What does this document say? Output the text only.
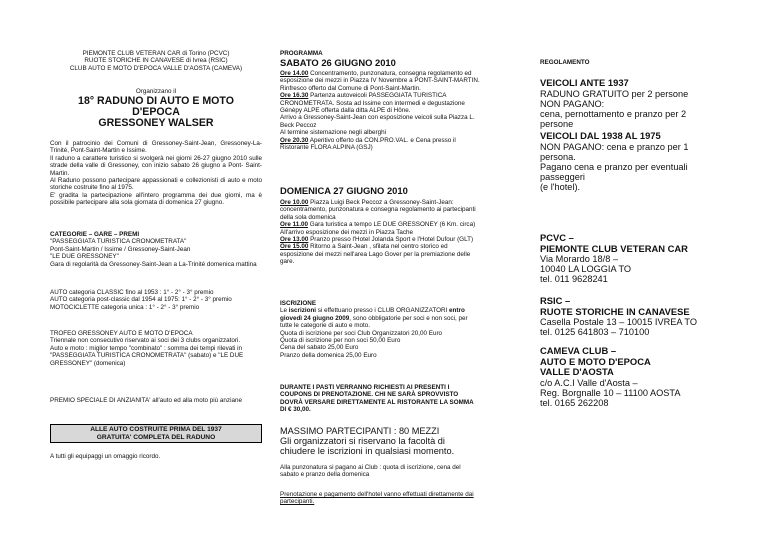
PIEMONTE CLUB VETERAN CAR di Torino (PCVC)

RUOTE STORICHE IN CANAVESE di Ivrea (RSIC)

CLUB AUTO E MOTO D'EPOCA VALLE D'AOSTA (CAMEVA)

Organizzano il

18° RADUNO DI AUTO E MOTO

D'EPOCA

GRESSONEY WALSER

Con il patrocinio dei Comuni di Gressoney-Saint-Jean, Gressoney-La-Trinité, Pont-Saint-Martin e Issime.

Il raduno a carattere turistico si svolgerà nei giorni 26-27 giugno 2010 sulle strade della valle di Gressoney, con inizio sabato 26 giugno a Pont- Saint-Martin.

Al Raduno possono partecipare appassionati e collezionisti di auto e moto storiche costruite fino al 1975.

E' gradita la partecipazione all'intero programma dei due giorni, ma è possibile partecipare alla sola giornata di domenica 27 giugno.

CATEGORIE – GARE – PREMI

"PASSEGGIATA TURISTICA CRONOMETRATA"

Pont-Saint-Martin / Issime / Gressoney-Saint-Jean

"LE DUE GRESSONEY"

Gara di regolarità da Gressoney-Saint-Jean a La-Trinité domenica mattina

AUTO categoria CLASSIC fino al 1953 : 1° - 2° - 3° premio

AUTO categoria post-classic dal 1954 al 1975: 1° - 2° - 3° premio

MOTOCICLETTE categoria unica : 1° - 2° - 3° premio

TROFEO GRESSONEY AUTO E MOTO D'EPOCA

Triennale non consecutivo riservato ai soci dei 3 clubs organizzatori.

Auto e moto : miglior tempo "combinato" : somma dei tempi rilevati in

"PASSEGGIATA TURISTICA CRONOMETRATA" (sabato) e "LE DUE GRESSONEY" (domenica)

PREMIO SPECIALE DI ANZIANITA' all'auto ed alla moto più anziane

ALLE AUTO COSTRUITE PRIMA DEL 1937
GRATUITA' COMPLETA DEL RADUNO

A tutti gli equipaggi un omaggio ricordo.

PROGRAMMA

SABATO 26 GIUGNO 2010

Ore 14.00 Concentramento, punzonatura, consegna regolamento ed esposizione dei mezzi in Piazza IV Novembre a PONT-SAINT-MARTIN. Rinfresco offerto dal Comune di Pont-Saint-Martin.

Ore 16.30 Partenza autoveicoli PASSEGGIATA TURISTICA CRONOMETRATA. Sosta ad Issime con intermedi e degustazione Génèpy ALPE offerta dalla ditta ALPE di Hône.

Arrivo a Gressoney-Saint-Jean con esposizione veicoli sulla Piazza L. Beck Peccoz

Al termine sistemazione negli alberghi

Ore 20.30 Aperitivo offerto da CON.PRO.VAL. e Cena presso il Ristorante FLORA ALPINA (GSJ)

DOMENICA 27 GIUGNO 2010

Ore 10.00 Piazza Luigi Beck Peccoz a Gressoney-Saint-Jean: concentramento, punzonatura e consegna regolamento ai partecipanti della sola domenica

Ore 11.00 Gara turistica a tempo LE DUE GRESSONEY (6 Km. circa)

All'arrivo esposizione dei mezzi in Piazza Tache

Ore 13.00 Pranzo presso l'Hotel Jolanda Sport e l'Hotel Dufour (GLT)

Ore 15.00 Ritorno a Saint-Jean , sfilata nel centro storico ed esposizione dei mezzi nell'area Lago Gover per la premiazione delle gare.

ISCRIZIONE

Le iscrizioni si effettuano presso i CLUB ORGANIZZATORI entro giovedì 24 giugno 2009, sono obbligatorie per soci e non soci, per tutte le categorie di auto e moto.

Quota di iscrizione per soci Club Organizzatori 20,00 Euro

Quota di iscrizione per non soci 50,00 Euro

Cena del sabato 25,00 Euro

Pranzo della domenica 25,00 Euro

DURANTE I PASTI VERRANNO RICHIESTI AI PRESENTI I COUPONS DI PRENOTAZIONE. CHI NE SARÀ SPROVVISTO DOVRÀ VERSARE DIRETTAMENTE AL RISTORANTE LA SOMMA DI € 30,00.

MASSIMO PARTECIPANTI : 80 MEZZI

Gli organizzatori si riservano la facoltà di

chiudere le iscrizioni in qualsiasi momento.

Alla punzonatura si pagano ai Club : quota di iscrizione, cena del sabato e pranzo della domenica

Prenotazione e pagamento dell'hotel vanno effettuati direttamente dai partecipanti.

REGOLAMENTO

VEICOLI ANTE 1937

RADUNO GRATUITO per 2 persone

NON PAGANO:

cena, pernottamento e pranzo per 2 persone

VEICOLI DAL 1938 AL 1975

NON PAGANO: cena e pranzo per 1 persona.

Pagano cena e pranzo per eventuali passeggeri

(e l'hotel).

PCVC –

PIEMONTE CLUB VETERAN CAR

Via Morardo 18/8 –

10040 LA LOGGIA TO

tel. 011 9628241

RSIC –

RUOTE STORICHE IN CANAVESE

Casella Postale 13 – 10015 IVREA TO

tel. 0125 641803 – 710100

CAMEVA CLUB –

AUTO E MOTO D'EPOCA

VALLE D'AOSTA

c/o A.C.I Valle d'Aosta –

Reg. Borgnalle 10 – 11100 AOSTA

tel. 0165 262208
